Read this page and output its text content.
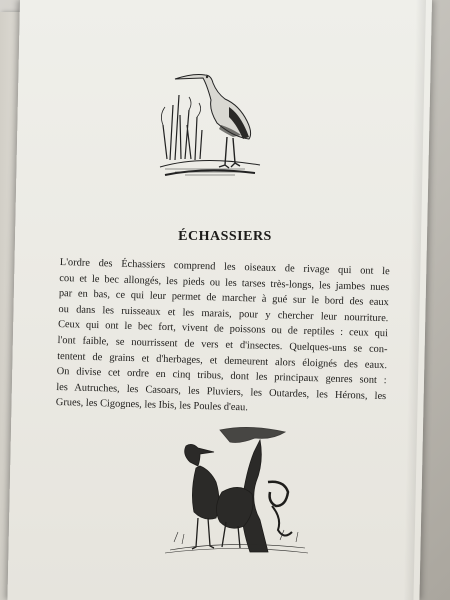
ÉCHASSIERS
L'ordre des Échassiers comprend les oiseaux de rivage qui ont le
cou et le bec allongés, les pieds ou les tarses très-longs, les jambes nues
par en bas, ce qui leur permet de marcher à gué sur le bord des eaux
ou dans les ruisseaux et les marais, pour y chercher leur nourriture.
Ceux qui ont le bec fort, vivent de poissons ou de reptiles : ceux qui
l'ont faible, se nourrissent de vers et d'insectes. Quelques-uns se con-
tentent de grains et d'herbages, et demeurent alors éloignés des eaux.
On divise cet ordre en cinq tribus, dont les principaux genres sont :
les Autruches, les Casoars, les Pluviers, les Outardes, les Hérons, les
Grues, les Cigognes, les Ibis, les Poules d'eau.
